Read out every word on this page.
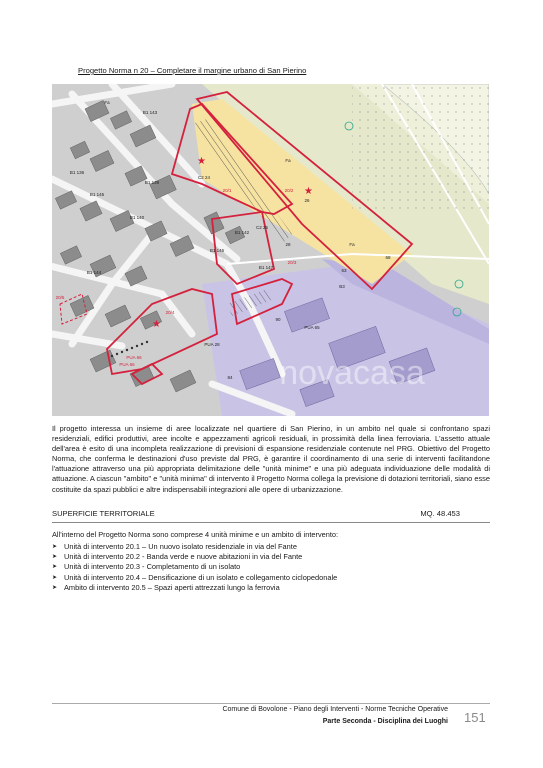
Progetto Norma n 20 – Completare il margine urbano di San Pierino
★
★
★
20/1	20/2
20/3
20/4
20/5
PUA 65
PUA 66
PUA 66
PUA 28
C2 24
C2 25
B1 143
B1 145
B1 140
B1 142
B1 147
B1 146
B1 139
B1 136
B1 144
Fa
Fa
Fa
26
28
63
68
90
84
B3
novacasa

Il progetto interessa un insieme di aree localizzate nel quartiere di San Pierino, in un ambito nel quale si confrontano spazi residenziali, edifici produttivi, aree incolte e appezzamenti agricoli residuali, in prossimità della linea ferroviaria. L'assetto attuale dell'area è esito di una incompleta realizzazione di previsioni di espansione residenziale contenute nel PRG. Obiettivo del Progetto Norma, che conferma le destinazioni d'uso previste dal PRG, è garantire il coordinamento di una serie di interventi facilitandone l'attuazione attraverso una più appropriata delimitazione delle "unità minime" e una più adeguata individuazione delle modalità di attuazione. A ciascun "ambito" e "unità minima" di intervento il Progetto Norma collega la previsione di dotazioni territoriali, siano esse costituite da spazi pubblici e altre indispensabili integrazioni alle opere di urbanizzazione.

SUPERFICIE TERRITORIALE	MQ. 48.453

All'interno del Progetto Norma sono comprese 4 unità minime e un ambito di intervento:

➤ Unità di intervento 20.1 – Un nuovo isolato residenziale in via del Fante
➤ Unità di intervento 20.2 - Banda verde e nuove abitazioni in via del Fante
➤ Unità di intervento 20.3 - Completamento di un isolato
➤ Unità di intervento 20.4 – Densificazione di un isolato e collegamento ciclopedonale
➤ Ambito di intervento 20.5 – Spazi aperti attrezzati lungo la ferrovia
Comune di Bovolone - Piano degli Interventi - Norme Tecniche Operative
Parte Seconda - Disciplina dei Luoghi 151
